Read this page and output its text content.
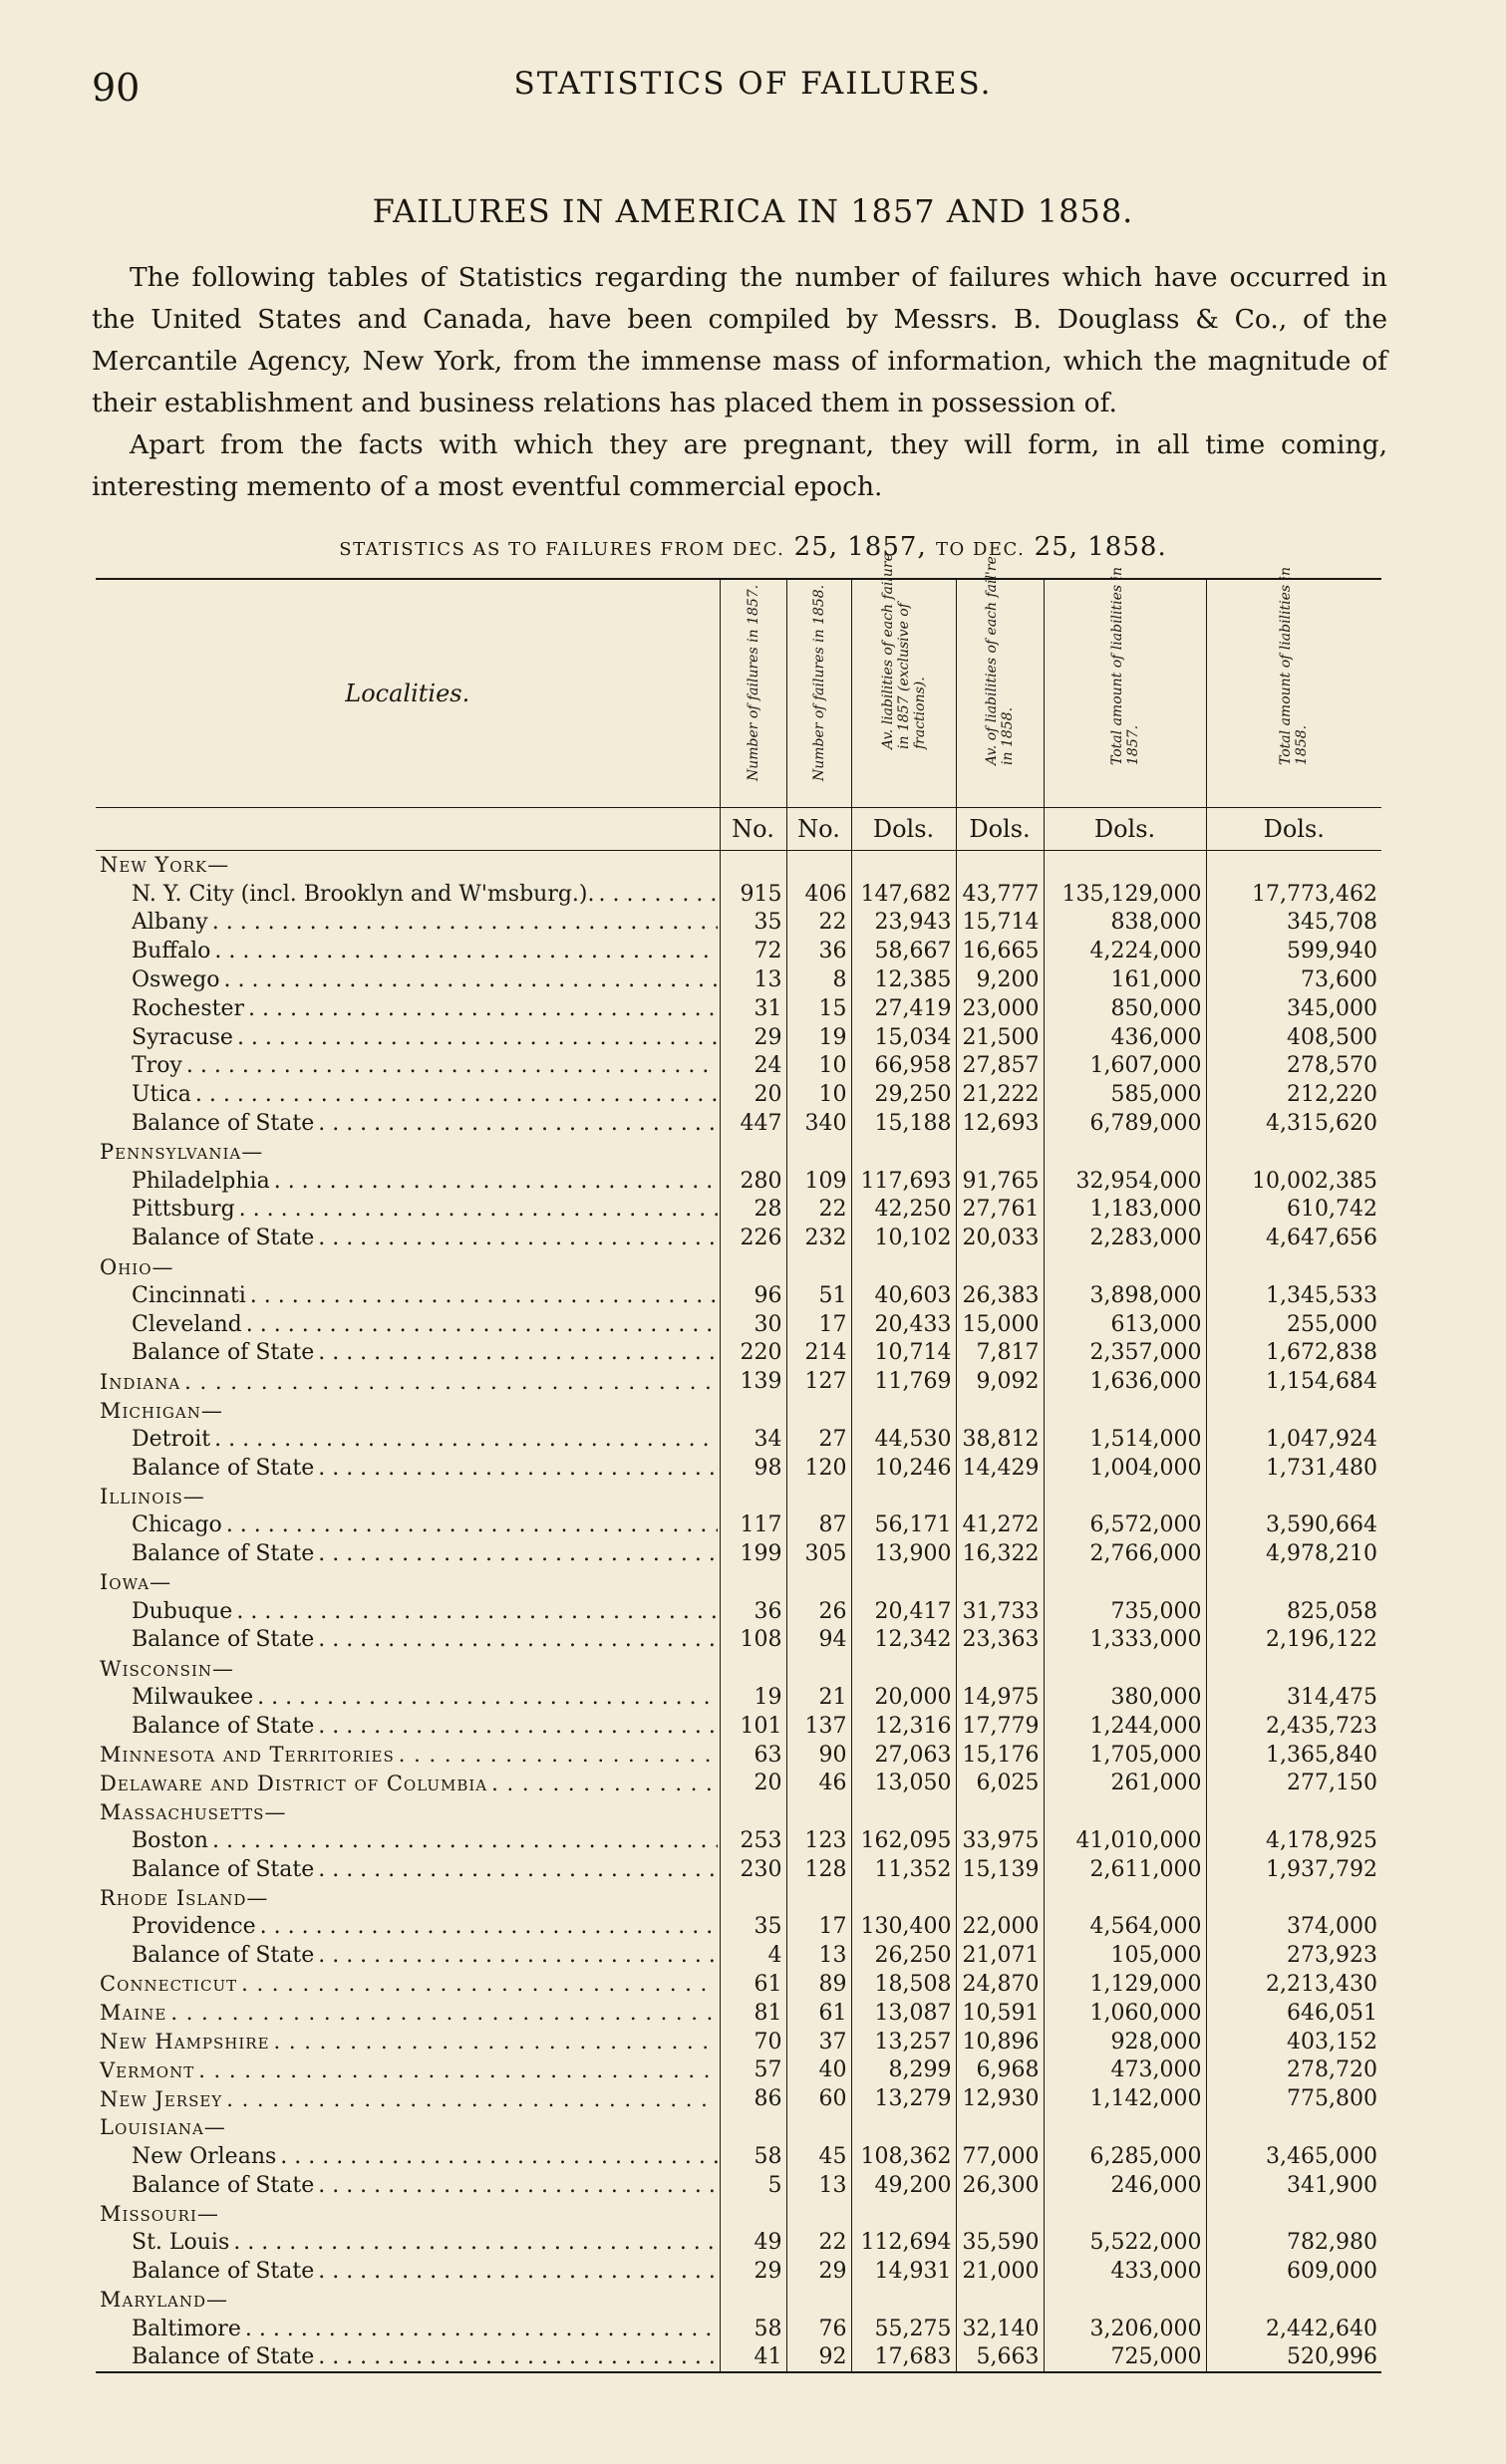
90	STATISTICS OF FAILURES.
FAILURES IN AMERICA IN 1857 AND 1858.

The following tables of Statistics regarding the number of failures which have occurred in the United States and Canada, have been compiled by Messrs. B. Douglass & Co., of the Mercantile Agency, New York, from the immense mass of information, which the magnitude of their establishment and business relations has placed them in possession of.

Apart from the facts with which they are pregnant, they will form, in all time coming, interesting memento of a most eventful commercial epoch.

STATISTICS AS TO FAILURES FROM DEC. 25, 1857, TO DEC. 25, 1858.
Localities.	Number of failures in 1857.	Number of failures in 1858.	Av. liabilities of each failure in 1857 (exclusive of fractions).	Av. of liabilities of each fail're in 1858.	Total amount of liabilities in 1857.	Total amount of liabilities in 1858.

	No.	No.	Dols.	Dols.	Dols.	Dols.
New York—						

N. Y. City (incl. Brooklyn and W'msburg.). . . .	915	406	147,682	43,777	135,129,000	17,773,462

Albany . . .	35	22	23,943	15,714	838,000	345,708

Buffalo . . .	72	36	58,667	16,665	4,224,000	599,940

Oswego . . .	13	8	12,385	9,200	161,000	73,600

Rochester . . .	31	15	27,419	23,000	850,000	345,000

Syracuse . . .	29	19	15,034	21,500	436,000	408,500

Troy . . .	24	10	66,958	27,857	1,607,000	278,570

Utica . . .	20	10	29,250	21,222	585,000	212,220

Balance of State . . .	447	340	15,188	12,693	6,789,000	4,315,620
Pennsylvania—						

Philadelphia . . .	280	109	117,693	91,765	32,954,000	10,002,385

Pittsburg . . .	28	22	42,250	27,761	1,183,000	610,742

Balance of State . . .	226	232	10,102	20,033	2,283,000	4,647,656
Ohio—						

Cincinnati . . .	96	51	40,603	26,383	3,898,000	1,345,533

Cleveland . . .	30	17	20,433	15,000	613,000	255,000

Balance of State . . .	220	214	10,714	7,817	2,357,000	1,672,838

Indiana . . .	139	127	11,769	9,092	1,636,000	1,154,684
Michigan—						

Detroit . . .	34	27	44,530	38,812	1,514,000	1,047,924

Balance of State . . .	98	120	10,246	14,429	1,004,000	1,731,480
Illinois—						

Chicago . . .	117	87	56,171	41,272	6,572,000	3,590,664

Balance of State . . .	199	305	13,900	16,322	2,766,000	4,978,210
Iowa—						

Dubuque . . .	36	26	20,417	31,733	735,000	825,058

Balance of State . . .	108	94	12,342	23,363	1,333,000	2,196,122
Wisconsin—						

Milwaukee . . .	19	21	20,000	14,975	380,000	314,475

Balance of State . . .	101	137	12,316	17,779	1,244,000	2,435,723

Minnesota and Territories . . .	63	90	27,063	15,176	1,705,000	1,365,840

Delaware and District of Columbia . . .	20	46	13,050	6,025	261,000	277,150
Massachusetts—						

Boston . . .	253	123	162,095	33,975	41,010,000	4,178,925

Balance of State . . .	230	128	11,352	15,139	2,611,000	1,937,792
Rhode Island—						

Providence . . .	35	17	130,400	22,000	4,564,000	374,000

Balance of State . . .	4	13	26,250	21,071	105,000	273,923

Connecticut . . .	61	89	18,508	24,870	1,129,000	2,213,430

Maine . . .	81	61	13,087	10,591	1,060,000	646,051

New Hampshire . . .	70	37	13,257	10,896	928,000	403,152

Vermont . . .	57	40	8,299	6,968	473,000	278,720

New Jersey . . .	86	60	13,279	12,930	1,142,000	775,800
Louisiana—						

New Orleans . . .	58	45	108,362	77,000	6,285,000	3,465,000

Balance of State . . .	5	13	49,200	26,300	246,000	341,900
Missouri—						

St. Louis . . .	49	22	112,694	35,590	5,522,000	782,980

Balance of State . . .	29	29	14,931	21,000	433,000	609,000
Maryland—						

Baltimore . . .	58	76	55,275	32,140	3,206,000	2,442,640

Balance of State . . .	41	92	17,683	5,663	725,000	520,996
